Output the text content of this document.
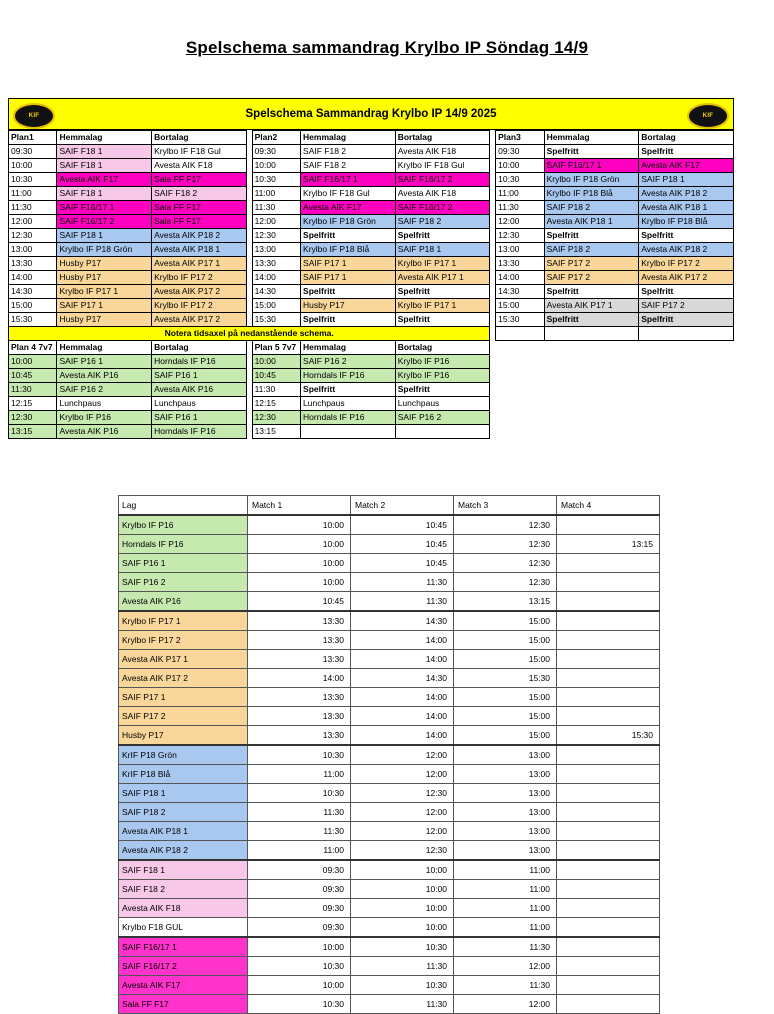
Spelschema sammandrag Krylbo IP Söndag 14/9
KIF	Spelschema Sammandrag Krylbo IP 14/9 2025	KIF
Plan1	Hemmalag	Bortalag		Plan2	Hemmalag	Bortalag		Plan3	Hemmalag	Bortalag
09:30	SAIF F18 1	Krylbo IF F18 Gul		09:30	SAIF F18 2	Avesta AIK F18		09:30	Spelfritt	Spelfritt
10:00	SAIF F18 1	Avesta AIK F18		10:00	SAIF F18 2	Krylbo IF F18 Gul		10:00	SAIF F16/17 1	Avesta AIK F17
10:30	Avesta AIK F17	Sala FF F17		10:30	SAIF F16/17 1	SAIF F16/17 2		10:30	Krylbo IF P18 Grön	SAIF P18 1
11:00	SAIF F18 1	SAIF F18 2		11:00	Krylbo IF F18 Gul	Avesta AIK F18		11:00	Krylbo IF P18 Blå	Avesta AIK P18 2
11:30	SAIF F16/17 1	Sala FF F17		11:30	Avesta AIK F17	SAIF F16/17 2		11:30	SAIF P18 2	Avesta AIK P18 1
12:00	SAIF F16/17 2	Sala FF F17		12:00	Krylbo IF P18 Grön	SAIF P18 2		12:00	Avesta AIK P18 1	Krylbo IF P18 Blå
12:30	SAIF P18 1	Avesta AIK P18 2		12:30	Spelfritt	Spelfritt		12:30	Spelfritt	Spelfritt
13:00	Krylbo IF P18 Grön	Avesta AIK P18 1		13:00	Krylbo IF P18 Blå	SAIF P18 1		13:00	SAIF P18 2	Avesta AIK P18 2
13:30	Husby P17	Avesta AIK P17 1		13:30	SAIF P17 1	Krylbo IF P17 1		13:30	SAIF P17 2	Krylbo IF P17 2
14:00	Husby P17	Krylbo IF P17 2		14:00	SAIF P17 1	Avesta AIK P17 1		14:00	SAIF P17 2	Avesta AIK P17 2
14:30	Krylbo IF P17 1	Avesta AIK P17 2		14:30	Spelfritt	Spelfritt		14:30	Spelfritt	Spelfritt
15:00	SAIF P17 1	Krylbo IF P17 2		15:00	Husby P17	Krylbo IF P17 1		15:00	Avesta AIK P17 1	SAIF P17 2
15:30	Husby P17	Avesta AIK P17 2		15:30	Spelfritt	Spelfritt		15:30	Spelfritt	Spelfritt
Notera tidsaxel på nedanstående schema.										
Plan 4 7v7	Hemmalag	Bortalag		Plan 5 7v7	Hemmalag	Bortalag				
10:00	SAIF P16 1	Horndals IF P16		10:00	SAIF P16 2	Krylbo IF P16				
10:45	Avesta AIK P16	SAIF P16 1		10:45	Horndals IF P16	Krylbo IF P16				
11:30	SAIF P16 2	Avesta AIK P16		11:30	Spelfritt	Spelfritt				
12:15	Lunchpaus	Lunchpaus		12:15	Lunchpaus	Lunchpaus				
12:30	Krylbo IF P16	SAIF P16 1		12:30	Horndals IF P16	SAIF P16 2				
13:15	Avesta AIK P16	Horndals IF P16		13:15						
Lag	Match 1	Match 2	Match 3	Match 4
Krylbo IF P16	10:00	10:45	12:30	
Horndals IF P16	10:00	10:45	12:30	13:15
SAIF P16 1	10:00	10:45	12:30	
SAIF P16 2	10:00	11:30	12:30	
Avesta AIK P16	10:45	11:30	13:15	
Krylbo IF P17 1	13:30	14:30	15:00	
Krylbo IF P17 2	13:30	14:00	15:00	
Avesta AIK P17 1	13:30	14:00	15:00	
Avesta AIK P17 2	14:00	14:30	15:30	
SAIF P17 1	13:30	14:00	15:00	
SAIF P17 2	13:30	14:00	15:00	
Husby P17	13:30	14:00	15:00	15:30
KrIF P18 Grön	10:30	12:00	13:00	
KrIF P18 Blå	11:00	12:00	13:00	
SAIF P18 1	10:30	12:30	13:00	
SAIF P18 2	11:30	12:00	13:00	
Avesta AIK P18 1	11:30	12:00	13:00	
Avesta AIK P18 2	11:00	12:30	13:00	
SAIF F18 1	09:30	10:00	11:00	
SAIF F18 2	09:30	10:00	11:00	
Avesta AIK F18	09:30	10:00	11:00	
Krylbo F18 GUL	09:30	10:00	11:00	
SAIF F16/17 1	10:00	10:30	11:30	
SAIF F16/17 2	10:30	11:30	12:00	
Avesta AIK F17	10:00	10:30	11:30	
Sala FF F17	10:30	11:30	12:00	
